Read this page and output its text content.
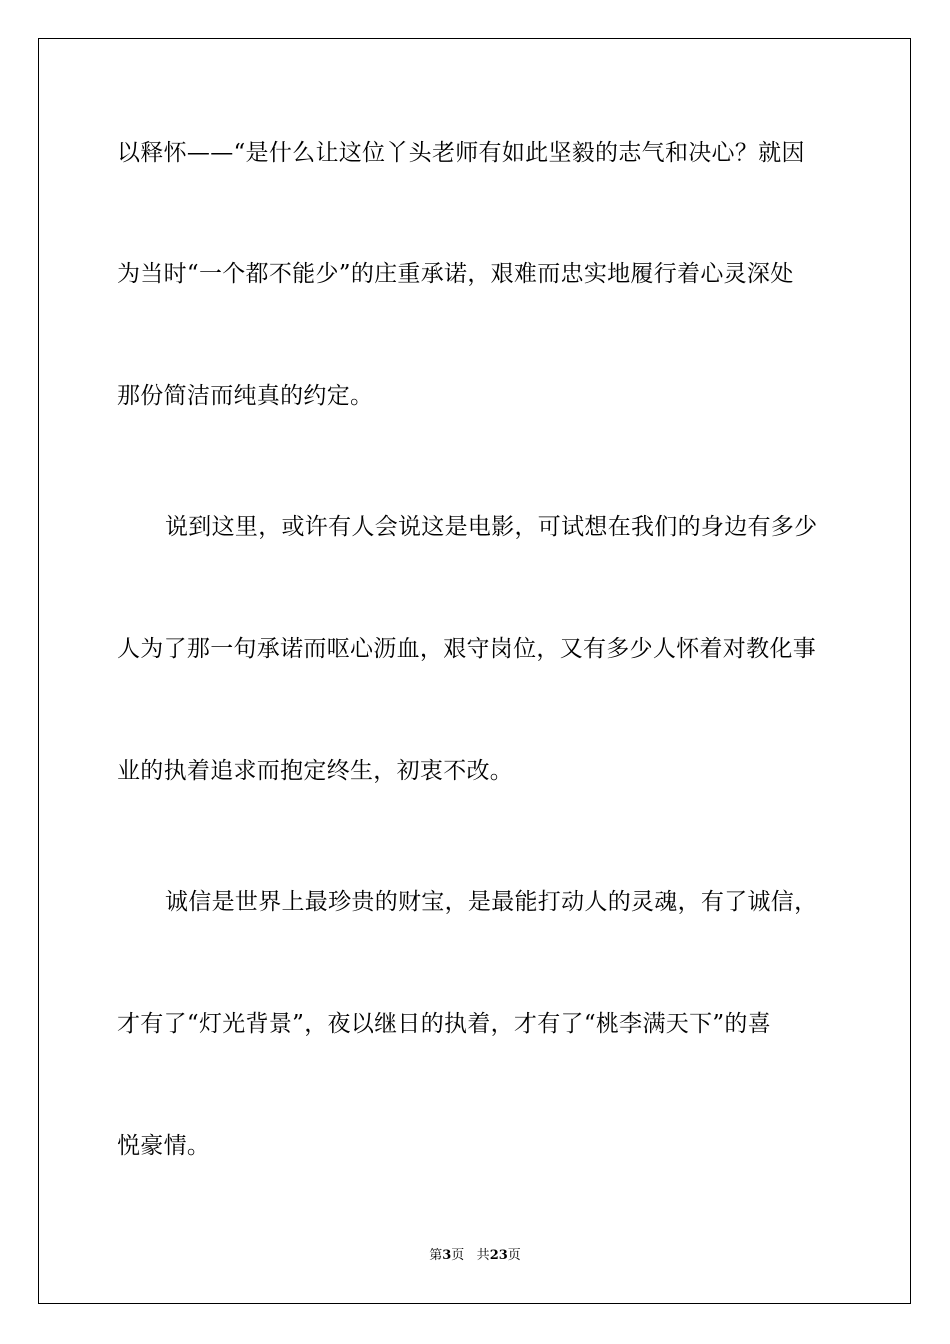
以释怀——“是什么让这位丫头老师有如此坚毅的志气和决心？就因
为当时“一个都不能少”的庄重承诺，艰难而忠实地履行着心灵深处
那份简洁而纯真的约定。
说到这里，或许有人会说这是电影，可试想在我们的身边有多少
人为了那一句承诺而呕心沥血，艰守岗位，又有多少人怀着对教化事
业的执着追求而抱定终生，初衷不改。
诚信是世界上最珍贵的财宝，是最能打动人的灵魂，有了诚信，
才有了“灯光背景”，夜以继日的执着，才有了“桃李满天下”的喜
悦豪情。
第3页 共23页
